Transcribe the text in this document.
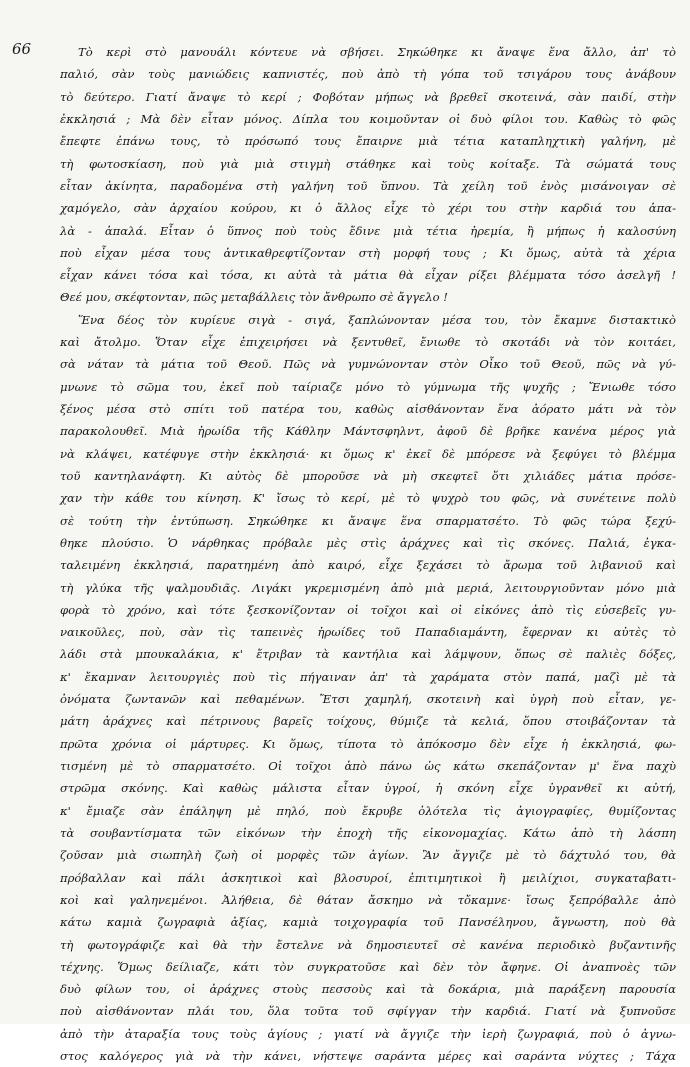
66	Τὸ κερὶ στὸ μανουάλι κόντευε νὰ σβήσει. Σηκώθηκε κι ἄναψε ἕνα ἄλλο, ἀπ' τὸ
παλιό, σὰν τοὺς μανιώδεις καπνιστές, ποὺ ἀπὸ τὴ γόπα τοῦ τσιγάρου τους ἀνάβουν
τὸ δεύτερο. Γιατί ἄναψε τὸ κερί ; Φοβόταν μήπως νὰ βρεθεῖ σκοτεινά, σὰν παιδί, στὴν
ἐκκλησιά ; Μὰ δὲν εἶταν μόνος. Δίπλα του κοιμοῦνταν οἱ δυὸ φίλοι του. Καθὼς τὸ φῶς
ἔπεφτε ἐπάνω τους, τὸ πρόσωπό τους ἔπαιρνε μιὰ τέτια καταπληχτικὴ γαλήνη, μὲ
τὴ φωτοσκίαση, ποὺ γιὰ μιὰ στιγμὴ στάθηκε καὶ τοὺς κοίταξε. Τὰ σώματά τους
εἶταν ἀκίνητα, παραδομένα στὴ γαλήνη τοῦ ὕπνου. Τὰ χείλη τοῦ ἑνὸς μισάνοιγαν σὲ
χαμόγελο, σὰν ἀρχαίου κούρου, κι ὁ ἄλλος εἶχε τὸ χέρι του στὴν καρδιά του ἁπα-
λὰ - ἁπαλά. Εἶταν ὁ ὕπνος ποὺ τοὺς ἔδινε μιὰ τέτια ἠρεμία, ἢ μήπως ἡ καλοσύνη
ποὺ εἶχαν μέσα τους ἀντικαθρεφτίζονταν στὴ μορφή τους ; Κι ὅμως, αὐτὰ τὰ χέρια
εἶχαν κάνει τόσα καὶ τόσα, κι αὐτὰ τὰ μάτια θὰ εἶχαν ρίξει βλέμματα τόσο ἀσελγῆ !
Θεέ μου, σκέφτονταν, πῶς μεταβάλλεις τὸν ἄνθρωπο σὲ ἄγγελο !
Ἕνα δέος τὸν κυρίευε σιγὰ - σιγά, ξαπλώνονταν μέσα του, τὸν ἔκαμνε διστακτικὸ
καὶ ἄτολμο. Ὅταν εἶχε ἐπιχειρήσει νὰ ξεντυθεῖ, ἔνιωθε τὸ σκοτάδι νὰ τὸν κοιτάει,
σὰ νάταν τὰ μάτια τοῦ Θεοῦ. Πῶς νὰ γυμνώνονταν στὸν Οἶκο τοῦ Θεοῦ, πῶς νὰ γύ-
μνωνε τὸ σῶμα του, ἐκεῖ ποὺ ταίριαζε μόνο τὸ γύμνωμα τῆς ψυχῆς ; Ἔνιωθε τόσο
ξένος μέσα στὸ σπίτι τοῦ πατέρα του, καθὼς αἰσθάνονταν ἕνα ἀόρατο μάτι νὰ τὸν
παρακολουθεῖ. Μιὰ ἡρωίδα τῆς Κάθλην Μάντσφηλντ, ἀφοῦ δὲ βρῆκε κανένα μέρος γιὰ
νὰ κλάψει, κατέφυγε στὴν ἐκκλησιά· κι ὅμως κ' ἐκεῖ δὲ μπόρεσε νὰ ξεφύγει τὸ βλέμμα
τοῦ καντηλανάφτη. Κι αὐτὸς δὲ μποροῦσε νὰ μὴ σκεφτεῖ ὅτι χιλιάδες μάτια πρόσε-
χαν τὴν κάθε του κίνηση. Κ' ἴσως τὸ κερί, μὲ τὸ ψυχρὸ του φῶς, νὰ συνέτεινε πολὺ
σὲ τούτη τὴν ἐντύπωση. Σηκώθηκε κι ἄναψε ἕνα σπαρματσέτο. Τὸ φῶς τώρα ξεχύ-
θηκε πλούσιο. Ὁ νάρθηκας πρόβαλε μὲς στὶς ἀράχνες καὶ τὶς σκόνες. Παλιά, ἐγκα-
ταλειμένη ἐκκλησιά, παρατημένη ἀπὸ καιρό, εἶχε ξεχάσει τὸ ἄρωμα τοῦ λιβανιοῦ καὶ
τὴ γλύκα τῆς ψαλμουδιᾶς. Λιγάκι γκρεμισμένη ἀπὸ μιὰ μεριά, λειτουργιοῦνταν μόνο μιὰ
φορὰ τὸ χρόνο, καὶ τότε ξεσκονίζονταν οἱ τοῖχοι καὶ οἱ εἰκόνες ἀπὸ τὶς εὐσεβεῖς γυ-
ναικοῦλες, ποὺ, σὰν τὶς ταπεινὲς ἡρωίδες τοῦ Παπαδιαμάντη, ἔφερναν κι αὐτὲς τὸ
λάδι στὰ μπουκαλάκια, κ' ἔτριβαν τὰ καντήλια καὶ λάμψουν, ὅπως σὲ παλιὲς δόξες,
κ' ἔκαμναν λειτουργιὲς ποὺ τὶς πήγαιναν ἀπ' τὰ χαράματα στὸν παπά, μαζὶ μὲ τὰ
ὀνόματα ζωντανῶν καὶ πεθαμένων. Ἔτσι χαμηλή, σκοτεινὴ καὶ ὑγρὴ ποὺ εἶταν, γε-
μάτη ἀράχνες καὶ πέτρινους βαρεῖς τοίχους, θύμιζε τὰ κελιά, ὅπου στοιβάζονταν τὰ
πρῶτα χρόνια οἱ μάρτυρες. Κι ὅμως, τίποτα τὸ ἀπόκοσμο δὲν εἶχε ἡ ἐκκλησιά, φω-
τισμένη μὲ τὸ σπαρματσέτο. Οἱ τοῖχοι ἀπὸ πάνω ὡς κάτω σκεπάζονταν μ' ἕνα παχὺ
στρῶμα σκόνης. Καὶ καθὼς μάλιστα εἶταν ὑγροί, ἡ σκόνη εἶχε ὑγρανθεῖ κι αὐτή,
κ' ἔμιαζε σὰν ἐπάληψη μὲ πηλό, ποὺ ἔκρυβε ὁλότελα τὶς ἁγιογραφίες, θυμίζοντας
τὰ σουβαντίσματα τῶν εἰκόνων τὴν ἐποχὴ τῆς εἰκονομαχίας. Κάτω ἀπὸ τὴ λάσπη
ζοῦσαν μιὰ σιωπηλὴ ζωὴ οἱ μορφὲς τῶν ἁγίων. Ἂν ἄγγιζε μὲ τὸ δάχτυλό του, θὰ
πρόβαλλαν καὶ πάλι ἀσκητικοὶ καὶ βλοσυροί, ἐπιτιμητικοὶ ἢ μειλίχιοι, συγκαταβατι-
κοὶ καὶ γαληνεμένοι. Ἀλήθεια, δὲ θάταν ἄσκημο νὰ τὄκαμνε· ἴσως ξεπρόβαλλε ἀπὸ
κάτω καμιὰ ζωγραφιὰ ἀξίας, καμιὰ τοιχογραφία τοῦ Πανσέληνου, ἄγνωστη, ποὺ θὰ
τὴ φωτογράφιζε καὶ θὰ τὴν ἔστελνε νὰ δημοσιευτεῖ σὲ κανένα περιοδικὸ βυζαντινῆς
τέχνης. Ὅμως δείλιαζε, κάτι τὸν συγκρατοῦσε καὶ δὲν τὸν ἄφηνε. Οἱ ἀναπνοὲς τῶν
δυὸ φίλων του, οἱ ἀράχνες στοὺς πεσσοὺς καὶ τὰ δοκάρια, μιὰ παράξενη παρουσία
ποὺ αἰσθάνονταν πλάι του, ὅλα τοῦτα τοῦ σφίγγαν τὴν καρδιά. Γιατί νὰ ξυπνοῦσε
ἀπὸ τὴν ἀταραξία τους τοὺς ἁγίους ; γιατί νὰ ἄγγιζε τὴν ἱερὴ ζωγραφιά, ποὺ ὁ ἀγνω-
στος καλόγερος γιὰ νὰ τὴν κάνει, νήστεψε σαράντα μέρες καὶ σαράντα νύχτες ; Τάχα
